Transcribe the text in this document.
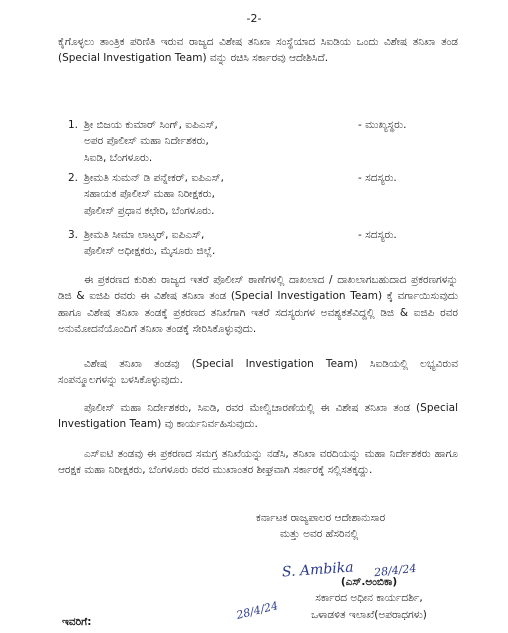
-2-

ಕೈಗೊಳ್ಳಲು ತಾಂತ್ರಿಕ ಪರಿಣಿತಿ ಇರುವ ರಾಜ್ಯದ ವಿಶೇಷ ತನಿಖಾ ಸಂಸ್ಥೆಯಾದ ಸಿಐಡಿಯ ಒಂದು ವಿಶೇಷ ತನಿಖಾ ತಂಡ (Special Investigation Team) ವನ್ನು ರಚಿಸಿ ಸರ್ಕಾರವು ಆದೇಶಿಸಿದೆ.

1. ಶ್ರೀ ಬಿಜಯ ಕುಮಾರ್ ಸಿಂಗ್, ಐಪಿಎಸ್,
ಅಪರ ಪೊಲೀಸ್ ಮಹಾ ನಿರ್ದೇಶಕರು,
ಸಿಐಡಿ, ಬೆಂಗಳೂರು.
- ಮುಖ್ಯಸ್ಥರು.
2. ಶ್ರೀಮತಿ ಸುಮನ್ ಡಿ ಪನ್ನೇಕರ್, ಐಪಿಎಸ್,
ಸಹಾಯಕ ಪೊಲೀಸ್ ಮಹಾ ನಿರೀಕ್ಷಕರು,
ಪೊಲೀಸ್ ಪ್ರಧಾನ ಕಛೇರಿ, ಬೆಂಗಳೂರು.
- ಸದಸ್ಯರು.
3. ಶ್ರೀಮತಿ ಸೀಮಾ ಲಾಟ್ಕರ್, ಐಪಿಎಸ್,
ಪೊಲೀಸ್ ಅಧೀಕ್ಷಕರು, ಮೈಸೂರು ಜಿಲ್ಲೆ.
- ಸದಸ್ಯರು.

ಈ ಪ್ರಕರಣದ ಕುರಿತು ರಾಜ್ಯದ ಇತರೆ ಪೊಲೀಸ್ ಠಾಣೆಗಳಲ್ಲಿ ದಾಖಲಾದ / ದಾಖಲಾಗಬಹುದಾದ ಪ್ರಕರಣಗಳನ್ನು ಡಿಜಿ & ಐಜಿಪಿ ರವರು ಈ ವಿಶೇಷ ತನಿಖಾ ತಂಡ (Special Investigation Team) ಕ್ಕೆ ವರ್ಗಾಯಿಸುವುದು ಹಾಗೂ ವಿಶೇಷ ತನಿಖಾ ತಂಡಕ್ಕೆ ಪ್ರಕರಣದ ತನಿಖೆಗಾಗಿ ಇತರೆ ಸದಸ್ಯರುಗಳ ಅವಶ್ಯಕತೆವಿದ್ದಲ್ಲಿ ಡಿಜಿ & ಐಜಿಪಿ ರವರ ಅನುಮೋದನೆಯೊಂದಿಗೆ ತನಿಖಾ ತಂಡಕ್ಕೆ ಸೇರಿಸಿಕೊಳ್ಳುವುದು.

ವಿಶೇಷ ತನಿಖಾ ತಂಡವು (Special Investigation Team) ಸಿಐಡಿಯಲ್ಲಿ ಲಭ್ಯವಿರುವ ಸಂಪನ್ಮೂಲಗಳನ್ನು ಬಳಸಿಕೊಳ್ಳುವುದು.

ಪೊಲೀಸ್ ಮಹಾ ನಿರ್ದೇಶಕರು, ಸಿಐಡಿ, ರವರ ಮೇಲ್ವಿಚಾರಣೆಯಲ್ಲಿ ಈ ವಿಶೇಷ ತನಿಖಾ ತಂಡ (Special Investigation Team) ವು ಕಾರ್ಯನಿರ್ವಹಿಸುವುದು.

ಎಸ್ಐಟಿ ತಂಡವು ಈ ಪ್ರಕರಣದ ಸಮಗ್ರ ತನಿಖೆಯನ್ನು ನಡೆಸಿ, ತನಿಖಾ ವರದಿಯನ್ನು ಮಹಾ ನಿರ್ದೇಶಕರು ಹಾಗೂ ಆರಕ್ಷಕ ಮಹಾ ನಿರೀಕ್ಷಕರು, ಬೆಂಗಳೂರು ರವರ ಮುಖಾಂತರ ಶೀಘ್ರವಾಗಿ ಸರ್ಕಾರಕ್ಕೆ ಸಲ್ಲಿಸತಕ್ಕದ್ದು.

ಕರ್ನಾಟಕ ರಾಜ್ಯಪಾಲರ ಆದೇಶಾನುಸಾರ
ಮತ್ತು ಅವರ ಹೆಸರಿನಲ್ಲಿ
S. Ambika 28/4/24
(ಎಸ್.ಅಂಬಿಕಾ)
ಸರ್ಕಾರದ ಅಧೀನ ಕಾರ್ಯದರ್ಶಿ,
ಒಳಾಡಳಿತ ಇಲಾಖೆ(ಅಪರಾಧಗಳು)
28/4/24
ಇವರಿಗೆ:
